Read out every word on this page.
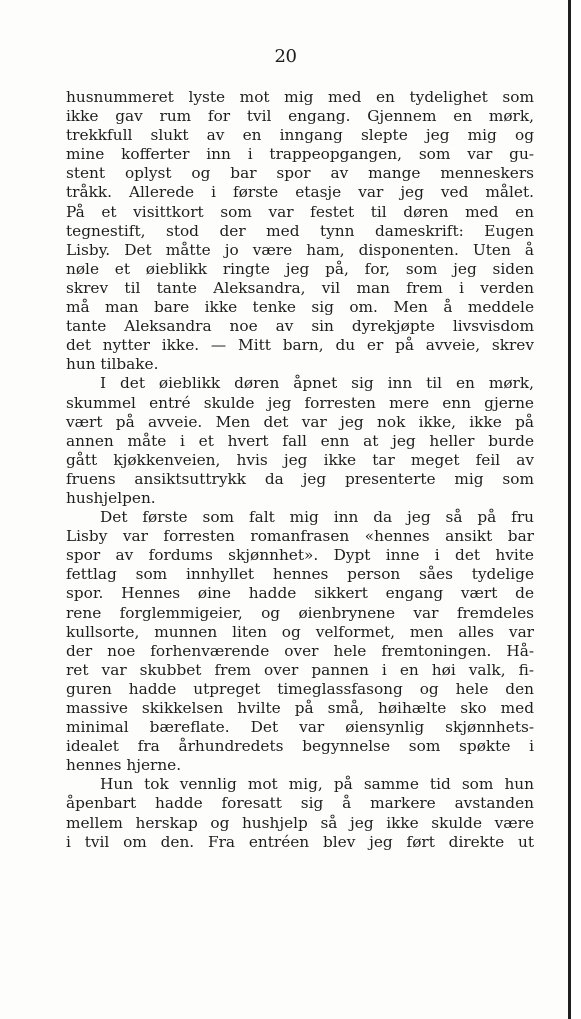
20
husnummeret lyste mot mig med en tydelighet som
ikke gav rum for tvil engang. Gjennem en mørk,
trekkfull slukt av en inngang slepte jeg mig og
mine kofferter inn i trappeopgangen, som var gu-
stent oplyst og bar spor av mange menneskers
tråkk. Allerede i første etasje var jeg ved målet.
På et visittkort som var festet til døren med en
tegnestift, stod der med tynn dameskrift: Eugen
Lisby. Det måtte jo være ham, disponenten. Uten å
nøle et øieblikk ringte jeg på, for, som jeg siden
skrev til tante Aleksandra, vil man frem i verden
må man bare ikke tenke sig om. Men å meddele
tante Aleksandra noe av sin dyrekjøpte livsvisdom
det nytter ikke. — Mitt barn, du er på avveie, skrev
hun tilbake.
I det øieblikk døren åpnet sig inn til en mørk,
skummel entré skulde jeg forresten mere enn gjerne
vært på avveie. Men det var jeg nok ikke, ikke på
annen måte i et hvert fall enn at jeg heller burde
gått kjøkkenveien, hvis jeg ikke tar meget feil av
fruens ansiktsuttrykk da jeg presenterte mig som
hushjelpen.
Det første som falt mig inn da jeg så på fru
Lisby var forresten romanfrasen «hennes ansikt bar
spor av fordums skjønnhet». Dypt inne i det hvite
fettlag som innhyllet hennes person såes tydelige
spor. Hennes øine hadde sikkert engang vært de
rene forglemmigeier, og øienbrynene var fremdeles
kullsorte, munnen liten og velformet, men alles var
der noe forhenværende over hele fremtoningen. Hå-
ret var skubbet frem over pannen i en høi valk, fi-
guren hadde utpreget timeglassfasong og hele den
massive skikkelsen hvilte på små, høihælte sko med
minimal bæreflate. Det var øiensynlig skjønnhets-
idealet fra århundredets begynnelse som spøkte i
hennes hjerne.
Hun tok vennlig mot mig, på samme tid som hun
åpenbart hadde foresatt sig å markere avstanden
mellem herskap og hushjelp så jeg ikke skulde være
i tvil om den. Fra entréen blev jeg ført direkte ut
